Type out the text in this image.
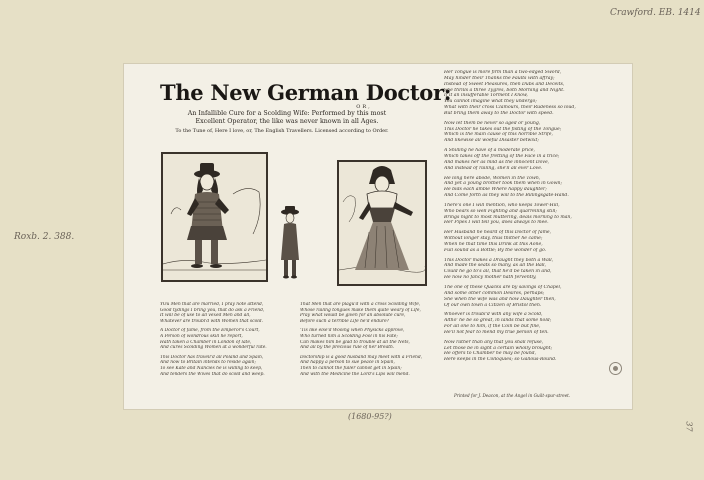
Crawford. EB. 1414
Roxb. 2. 388.
(1680-95?)
37
The New German Doctor:
OR,
An Infallible Cure for a Scolding Wife: Performed by this most
Excellent Operator, the like was never known in all Ages.
To the Tune of, Here I love, or, The English Travellers. Licensed according to Order.
YOu Men that are married, I pray note attend,
Good tydings I bring you, that do ask a Friend,
It will be of use to all vexed Men and all,
Whatever are troubl'd with Women that scold.
A Doctor of fame, from the Emperor's Court,
A Person of wondrous skill he report,
Hath taken a Chamber in London of late,
And cures Scolding Women at a wonderful rate.
This Doctor has travell'd all Poland and Spain,
And now to Britain intends to reside again;
To see Kate and Nancies he is willing to keep,
And tenders the Wives that do scold and weep.
That Men that are plagu'd with a cross Scolding Wife,
Whose railing tongues make them quite weary of Life,
Pray what would be given for an absolute cure,
Before such a terrible Life he'd endure?
'Tis like else'd Wooing when Physicks approve,
Who turned him a Scolding Fool in his Fate;
Can makes him be glad to trouble at all the Nets,
And all by the precious rule of her Breath.
Doctorship is a good husband may meet with a Friend,
And happy a person to sue peace in Spain,
Then to cannot the fuller cannot get in Spain;
And with the Medicine the Lord's Lips will mend.
Her Tongue is more firm than a two-edged Sword,
May hinder their Thanks the Faults with affray;
Instead of Sweet Pleasures, then Dubs and Deceits,
She thrills a three Tygres, both Morning and Night.
If it an insufferable Torment I know,
You cannot imagine what they undergo;
What with their cross Clamours, their Rudeness so loud,
But bring them away to the Doctor with speed.
Now let them be never so aged or young,
This Doctor he takes out the fisting of the Tongue;
Which is the main cause of this horrible Strife,
And likewise all woeful Disaster betwixt;
A Shilling he have of a moderate price,
Which takes off the fretting of the Face in a trice;
And makes her as mild as the innocent Dove,
And instead of railing, she'll all ever Love.
He long here abode, Women in the Town,
And yet a young brother took them when in Gown;
He bids each amble Where happy daughter;
And Come forth as they will to the Billingsgate-Hand.
There's one I will mention, who keeps Tower-Hill,
Who bears so well Fighting and quarrelling still;
Brings night to most muttering, deals morning to man,
Her Pipes I will tell you, does always to mee.
Her Husband he heard of this Doctor of fame,
Without longer stay, thus thither he came;
When he that time this Drink at this Aone,
Full sound as a Bottle; By the wonder of go.
This Doctor makes a Draught they both a Wall,
And made the seats so many, as all the Ball,
Could he go to's all, that he'd be taken in and,
He now no fancy mother hath fervently,
The one of these Quacks are by savings of Chapel,
And some other common Desires, perhaps;
She when the wife was and how Daughter then,
Of our own town a Citizen of Bristol then.
Whoever is troubl'd with any wife a Scold,
Altho' he be so great, in lands that some hold;
For all one to him, if the Coin be but fine,
He'll not fear to mend my true person of ten.
Now rather than any that you shall refuse,
Let those be in sight a certain wholly brought;
He offers to Chamber he may be found,
Here keeps in the Colloquies; so Gallous-Round.
Printed for J. Deacon, at the Angel in Guilt-spur-street.
